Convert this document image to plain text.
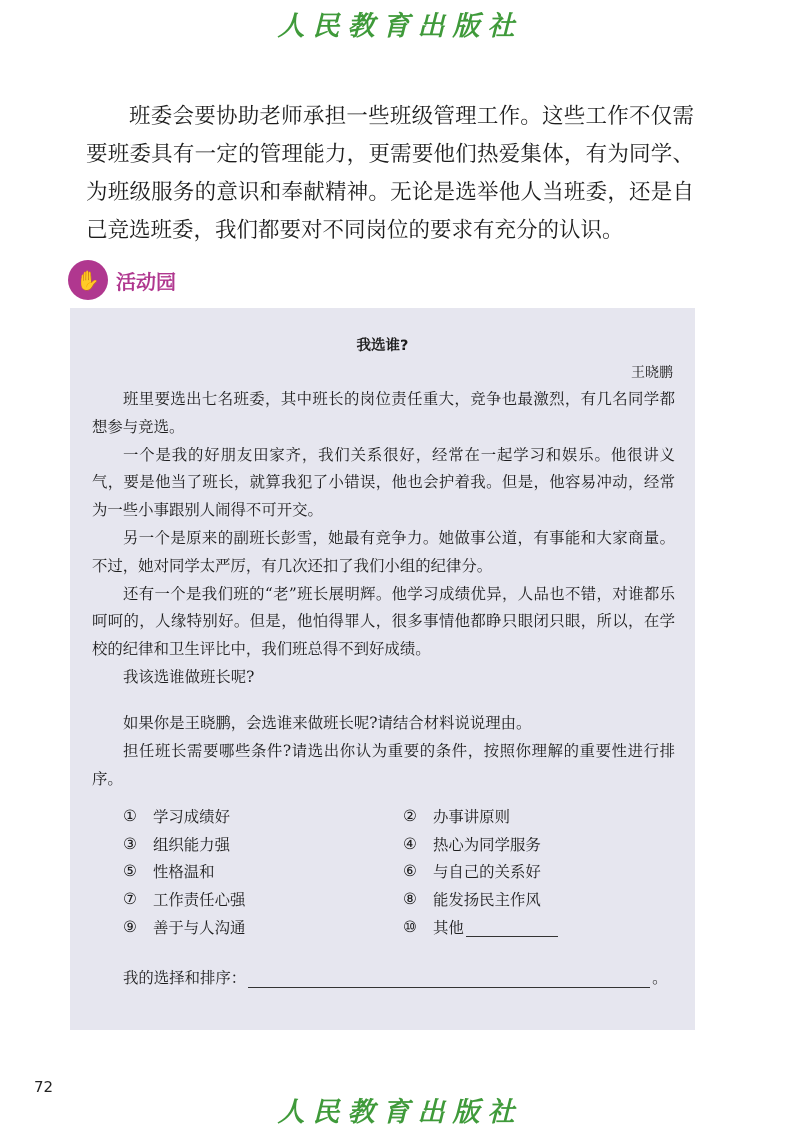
人民教育出版社

班委会要协助老师承担一些班级管理工作。这些工作不仅需要班委具有一定的管理能力，更需要他们热爱集体，有为同学、为班级服务的意识和奉献精神。无论是选举他人当班委，还是自己竞选班委，我们都要对不同岗位的要求有充分的认识。

✋ 活动园
我选谁?
王晓鹏

班里要选出七名班委，其中班长的岗位责任重大，竞争也最激烈，有几名同学都想参与竞选。

一个是我的好朋友田家齐，我们关系很好，经常在一起学习和娱乐。他很讲义气，要是他当了班长，就算我犯了小错误，他也会护着我。但是，他容易冲动，经常为一些小事跟别人闹得不可开交。

另一个是原来的副班长彭雪，她最有竞争力。她做事公道，有事能和大家商量。不过，她对同学太严厉，有几次还扣了我们小组的纪律分。

还有一个是我们班的“老”班长展明辉。他学习成绩优异，人品也不错，对谁都乐呵呵的，人缘特别好。但是，他怕得罪人，很多事情他都睁只眼闭只眼，所以，在学校的纪律和卫生评比中，我们班总得不到好成绩。

我该选谁做班长呢?

如果你是王晓鹏，会选谁来做班长呢?请结合材料说说理由。

担任班长需要哪些条件?请选出你认为重要的条件，按照你理解的重要性进行排序。

①	学习成绩好	②	办事讲原则
③	组织能力强	④	热心为同学服务
⑤	性格温和	⑥	与自己的关系好
⑦	工作责任心强	⑧	能发扬民主作风
⑨	善于与人沟通	⑩	其他
我的选择和排序：	。
72
人民教育出版社
